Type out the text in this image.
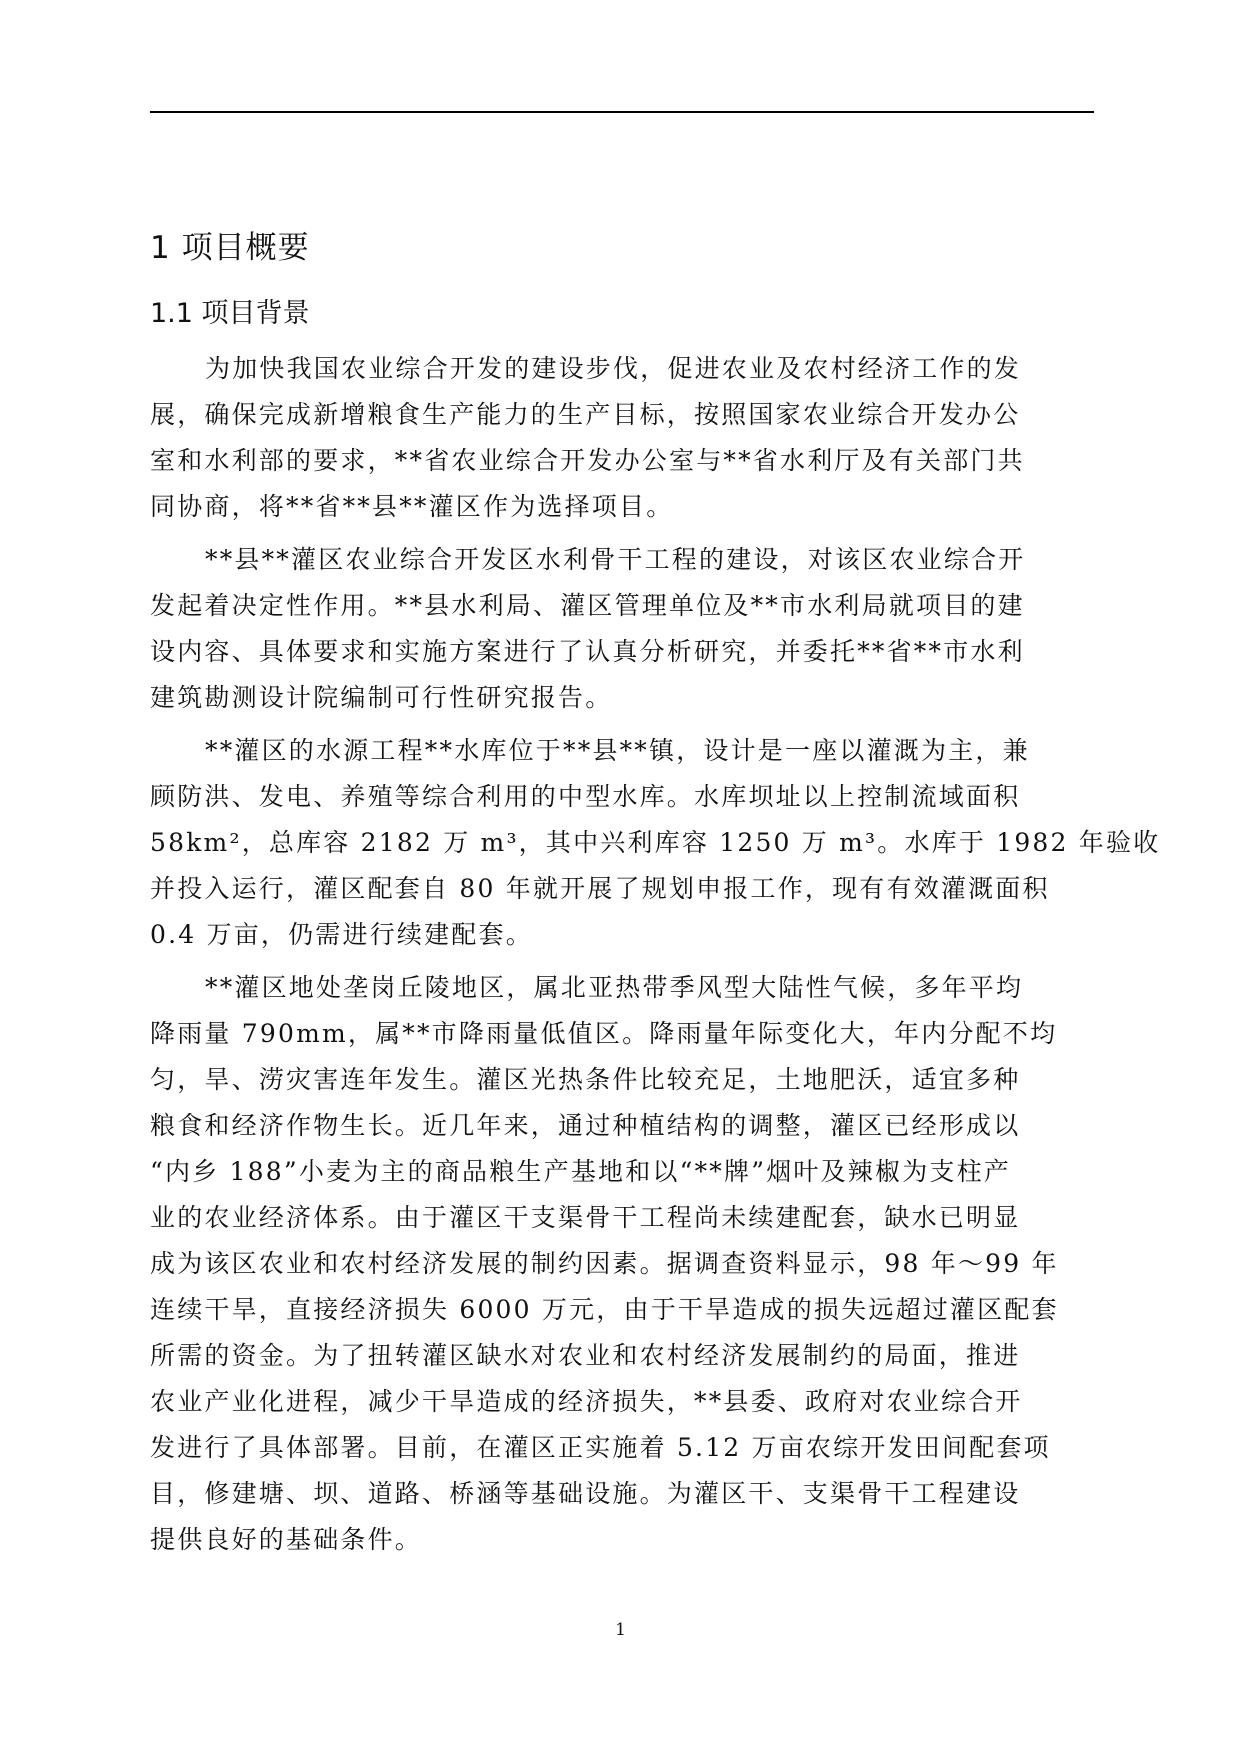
1 项目概要
1.1 项目背景

为加快我国农业综合开发的建设步伐，促进农业及农村经济工作的发
展，确保完成新增粮食生产能力的生产目标，按照国家农业综合开发办公
室和水利部的要求，**省农业综合开发办公室与**省水利厅及有关部门共
同协商，将**省**县**灌区作为选择项目。

**县**灌区农业综合开发区水利骨干工程的建设，对该区农业综合开
发起着决定性作用。**县水利局、灌区管理单位及**市水利局就项目的建
设内容、具体要求和实施方案进行了认真分析研究，并委托**省**市水利
建筑勘测设计院编制可行性研究报告。

**灌区的水源工程**水库位于**县**镇，设计是一座以灌溉为主，兼
顾防洪、发电、养殖等综合利用的中型水库。水库坝址以上控制流域面积
58km²，总库容 2182 万 m³，其中兴利库容 1250 万 m³。水库于 1982 年验收
并投入运行，灌区配套自 80 年就开展了规划申报工作，现有有效灌溉面积
0.4 万亩，仍需进行续建配套。

**灌区地处垄岗丘陵地区，属北亚热带季风型大陆性气候，多年平均
降雨量 790mm，属**市降雨量低值区。降雨量年际变化大，年内分配不均
匀，旱、涝灾害连年发生。灌区光热条件比较充足，土地肥沃，适宜多种
粮食和经济作物生长。近几年来，通过种植结构的调整，灌区已经形成以
“内乡 188”小麦为主的商品粮生产基地和以“**牌”烟叶及辣椒为支柱产
业的农业经济体系。由于灌区干支渠骨干工程尚未续建配套，缺水已明显
成为该区农业和农村经济发展的制约因素。据调查资料显示，98 年～99 年
连续干旱，直接经济损失 6000 万元，由于干旱造成的损失远超过灌区配套
所需的资金。为了扭转灌区缺水对农业和农村经济发展制约的局面，推进
农业产业化进程，减少干旱造成的经济损失，**县委、政府对农业综合开
发进行了具体部署。目前，在灌区正实施着 5.12 万亩农综开发田间配套项
目，修建塘、坝、道路、桥涵等基础设施。为灌区干、支渠骨干工程建设
提供良好的基础条件。

1
